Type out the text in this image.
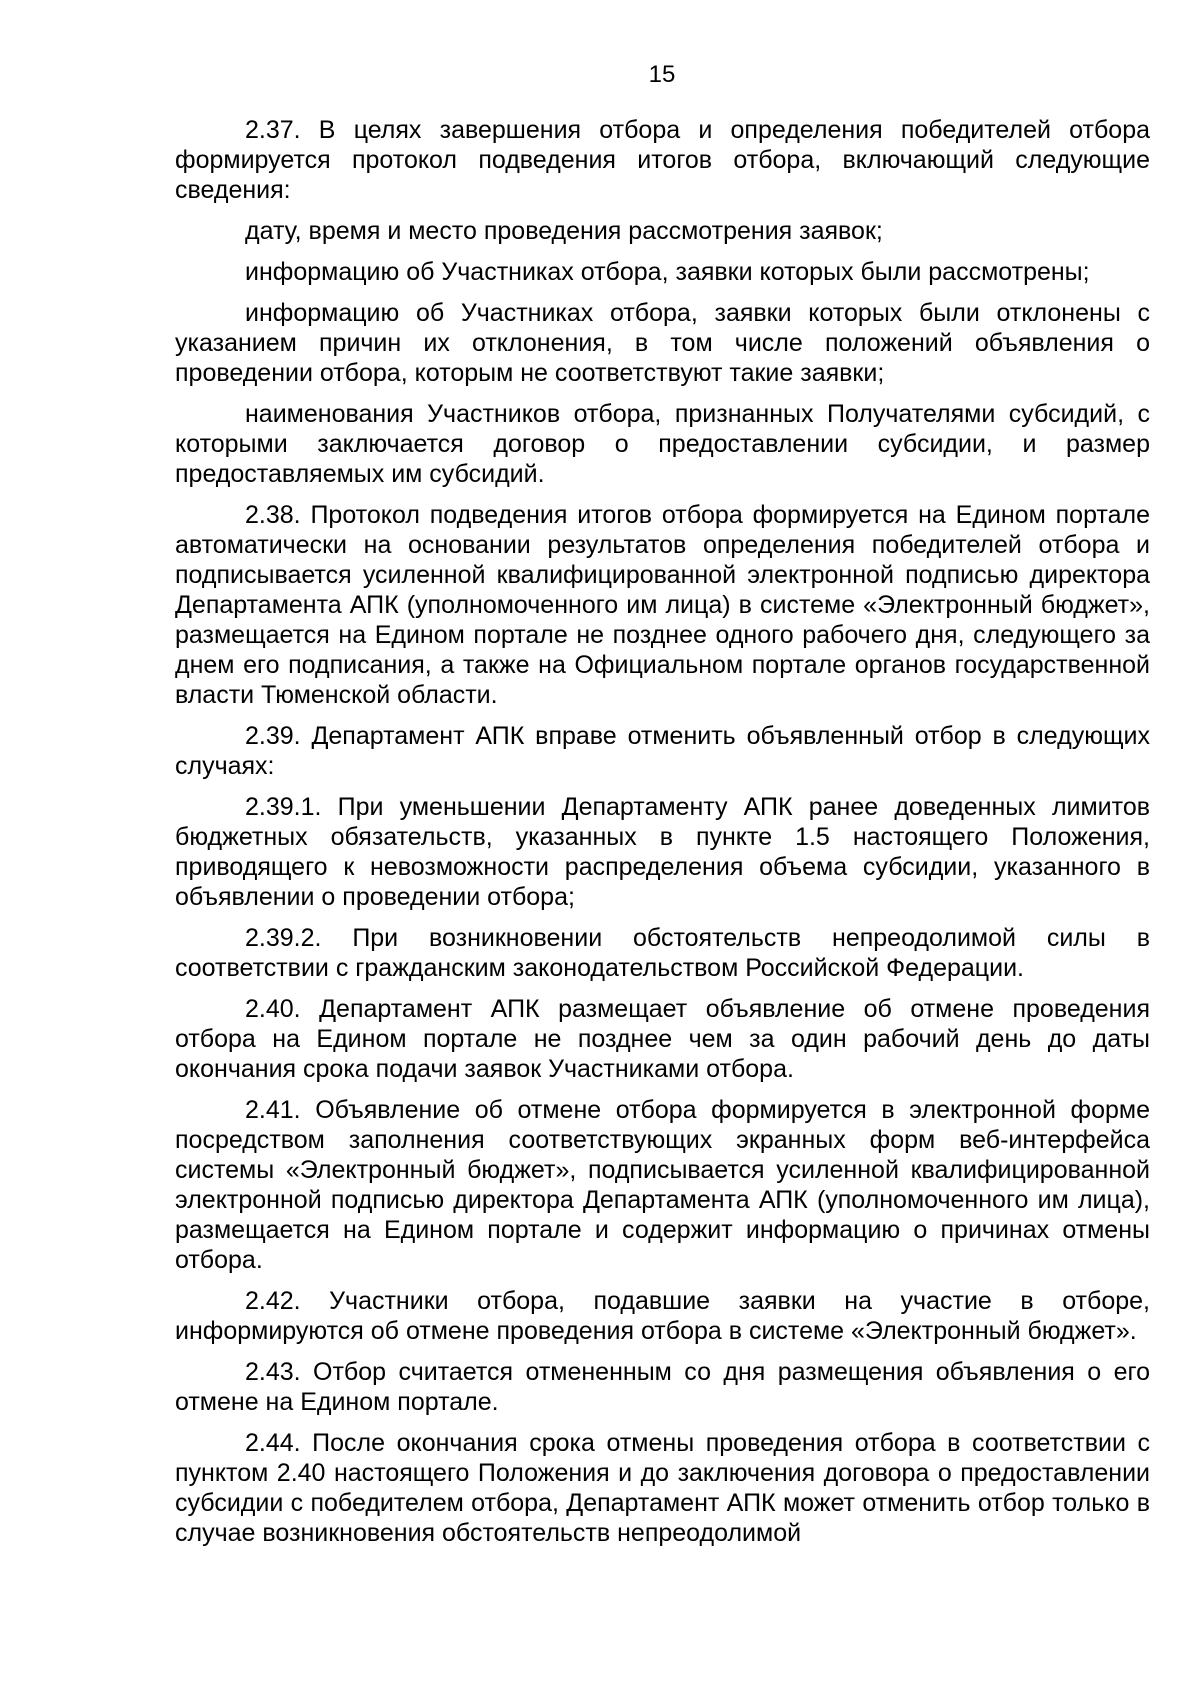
15

2.37. В целях завершения отбора и определения победителей отбора формируется протокол подведения итогов отбора, включающий следующие сведения:

дату, время и место проведения рассмотрения заявок;

информацию об Участниках отбора, заявки которых были рассмотрены;

информацию об Участниках отбора, заявки которых были отклонены с указанием причин их отклонения, в том числе положений объявления о проведении отбора, которым не соответствуют такие заявки;

наименования Участников отбора, признанных Получателями субсидий, с которыми заключается договор о предоставлении субсидии, и размер предоставляемых им субсидий.

2.38. Протокол подведения итогов отбора формируется на Едином портале автоматически на основании результатов определения победителей отбора и подписывается усиленной квалифицированной электронной подписью директора Департамента АПК (уполномоченного им лица) в системе «Электронный бюджет», размещается на Едином портале не позднее одного рабочего дня, следующего за днем его подписания, а также на Официальном портале органов государственной власти Тюменской области.

2.39. Департамент АПК вправе отменить объявленный отбор в следующих случаях:

2.39.1. При уменьшении Департаменту АПК ранее доведенных лимитов бюджетных обязательств, указанных в пункте 1.5 настоящего Положения, приводящего к невозможности распределения объема субсидии, указанного в объявлении о проведении отбора;

2.39.2. При возникновении обстоятельств непреодолимой силы в соответствии с гражданским законодательством Российской Федерации.

2.40. Департамент АПК размещает объявление об отмене проведения отбора на Едином портале не позднее чем за один рабочий день до даты окончания срока подачи заявок Участниками отбора.

2.41. Объявление об отмене отбора формируется в электронной форме посредством заполнения соответствующих экранных форм веб-интерфейса системы «Электронный бюджет», подписывается усиленной квалифицированной электронной подписью директора Департамента АПК (уполномоченного им лица), размещается на Едином портале и содержит информацию о причинах отмены отбора.

2.42. Участники отбора, подавшие заявки на участие в отборе, информируются об отмене проведения отбора в системе «Электронный бюджет».

2.43. Отбор считается отмененным со дня размещения объявления о его отмене на Едином портале.

2.44. После окончания срока отмены проведения отбора в соответствии с пунктом 2.40 настоящего Положения и до заключения договора о предоставлении субсидии с победителем отбора, Департамент АПК может отменить отбор только в случае возникновения обстоятельств непреодолимой
